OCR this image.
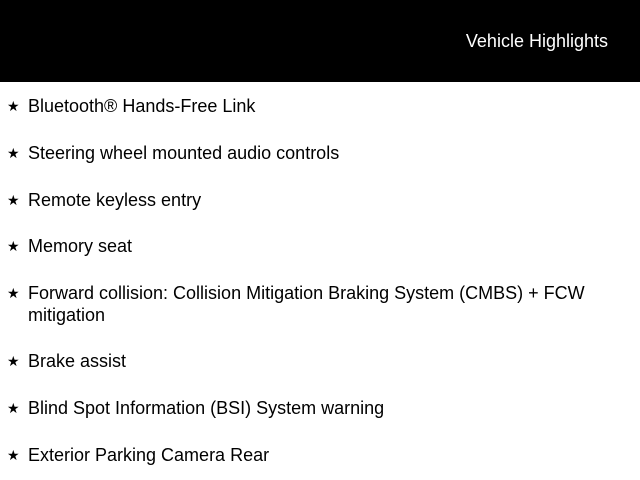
Vehicle Highlights
★ Bluetooth® Hands-Free Link
★ Steering wheel mounted audio controls
★ Remote keyless entry
★ Memory seat
★ Forward collision: Collision Mitigation Braking System (CMBS) + FCW mitigation
★ Brake assist
★ Blind Spot Information (BSI) System warning
★ Exterior Parking Camera Rear
